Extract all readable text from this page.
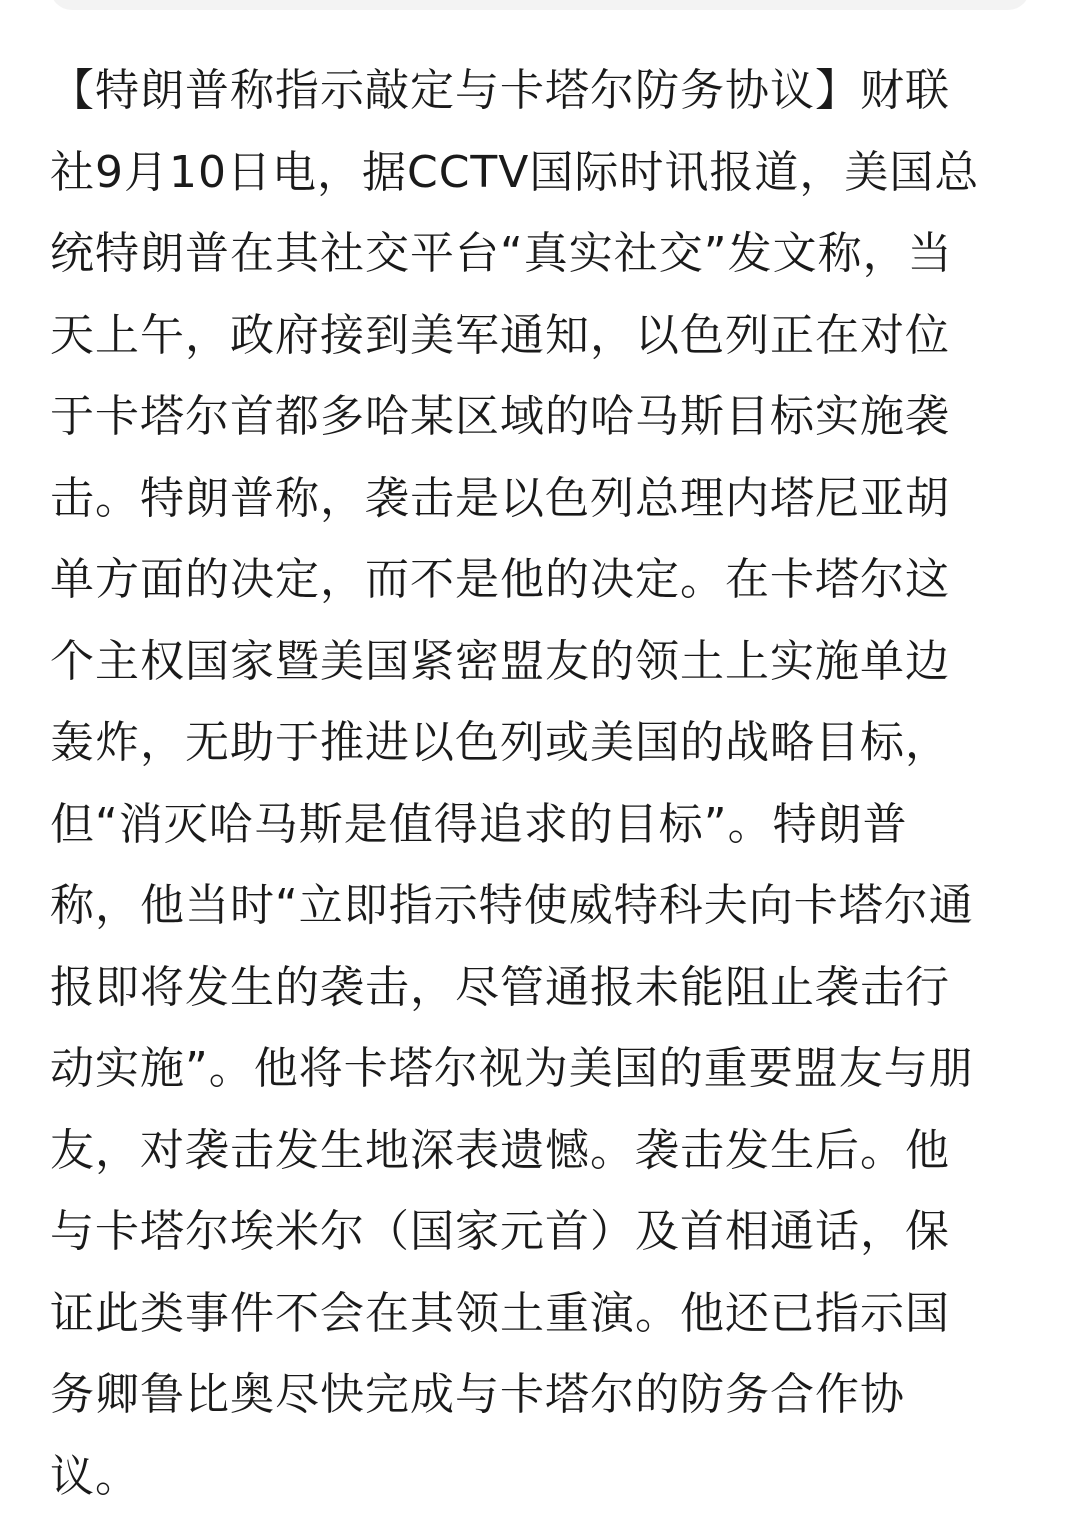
【特朗普称指示敲定与卡塔尔防务协议】财联
社9月10日电，据CCTV国际时讯报道，美国总
统特朗普在其社交平台“真实社交”发文称，当
天上午，政府接到美军通知，以色列正在对位
于卡塔尔首都多哈某区域的哈马斯目标实施袭
击。特朗普称，袭击是以色列总理内塔尼亚胡
单方面的决定，而不是他的决定。在卡塔尔这
个主权国家暨美国紧密盟友的领土上实施单边
轰炸，无助于推进以色列或美国的战略目标，
但“消灭哈马斯是值得追求的目标”。特朗普
称，他当时“立即指示特使威特科夫向卡塔尔通
报即将发生的袭击，尽管通报未能阻止袭击行
动实施”。他将卡塔尔视为美国的重要盟友与朋
友，对袭击发生地深表遗憾。袭击发生后。他
与卡塔尔埃米尔（国家元首）及首相通话，保
证此类事件不会在其领土重演。他还已指示国
务卿鲁比奥尽快完成与卡塔尔的防务合作协
议。
